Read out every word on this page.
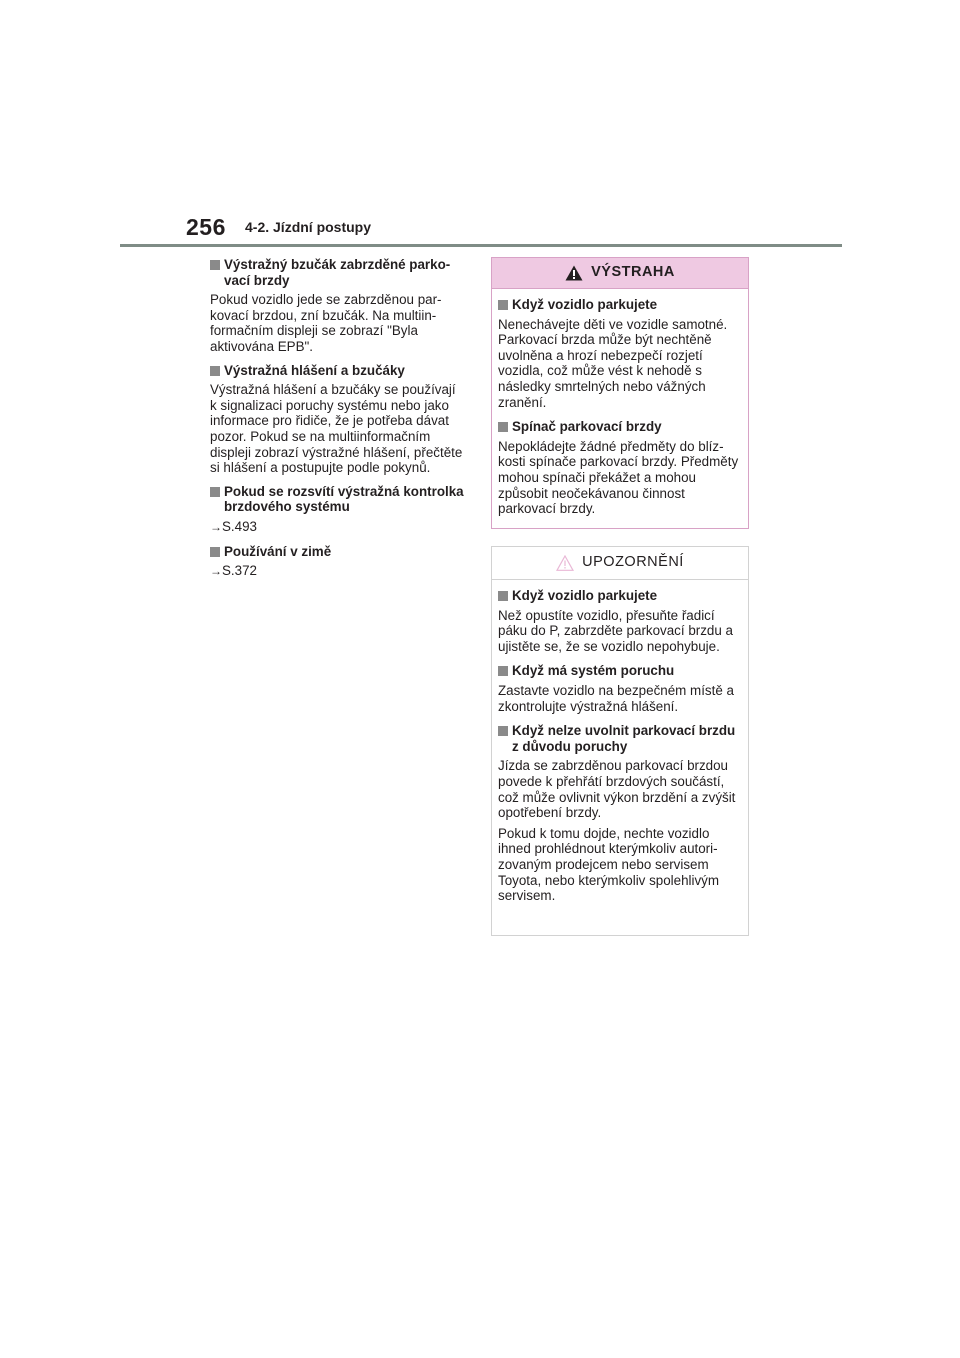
256 4-2. Jízdní postupy
Výstražný bzučák zabrzděné parkovací brzdy

Pokud vozidlo jede se zabrzděnou parkovací brzdou, zní bzučák. Na multiinformačním displeji se zobrazí "Byla aktivována EPB".

Výstražná hlášení a bzučáky

Výstražná hlášení a bzučáky se používají k signalizaci poruchy systému nebo jako informace pro řidiče, že je potřeba dávat pozor. Pokud se na multiinformačním displeji zobrazí výstražné hlášení, přečtěte si hlášení a postupujte podle pokynů.

Pokud se rozsvítí výstražná kontrolka brzdového systému

→S.493

Používání v zimě

→S.372

VÝSTRAHA
Když vozidlo parkujete

Nenechávejte děti ve vozidle samotné. Parkovací brzda může být nechtěně uvolněna a hrozí nebezpečí rozjetí vozidla, což může vést k nehodě s následky smrtelných nebo vážných zranění.

Spínač parkovací brzdy

Nepokládejte žádné předměty do blízkosti spínače parkovací brzdy. Předměty mohou spínači překážet a mohou způsobit neočekávanou činnost parkovací brzdy.

UPOZORNĚNÍ
Když vozidlo parkujete

Než opustíte vozidlo, přesuňte řadicí páku do P, zabrzděte parkovací brzdu a ujistěte se, že se vozidlo nepohybuje.

Když má systém poruchu

Zastavte vozidlo na bezpečném místě a zkontrolujte výstražná hlášení.

Když nelze uvolnit parkovací brzdu z důvodu poruchy

Jízda se zabrzděnou parkovací brzdou povede k přehřátí brzdových součástí, což může ovlivnit výkon brzdění a zvýšit opotřebení brzdy.

Pokud k tomu dojde, nechte vozidlo ihned prohlédnout kterýmkoliv autorizovaným prodejcem nebo servisem Toyota, nebo kterýmkoliv spolehlivým servisem.
